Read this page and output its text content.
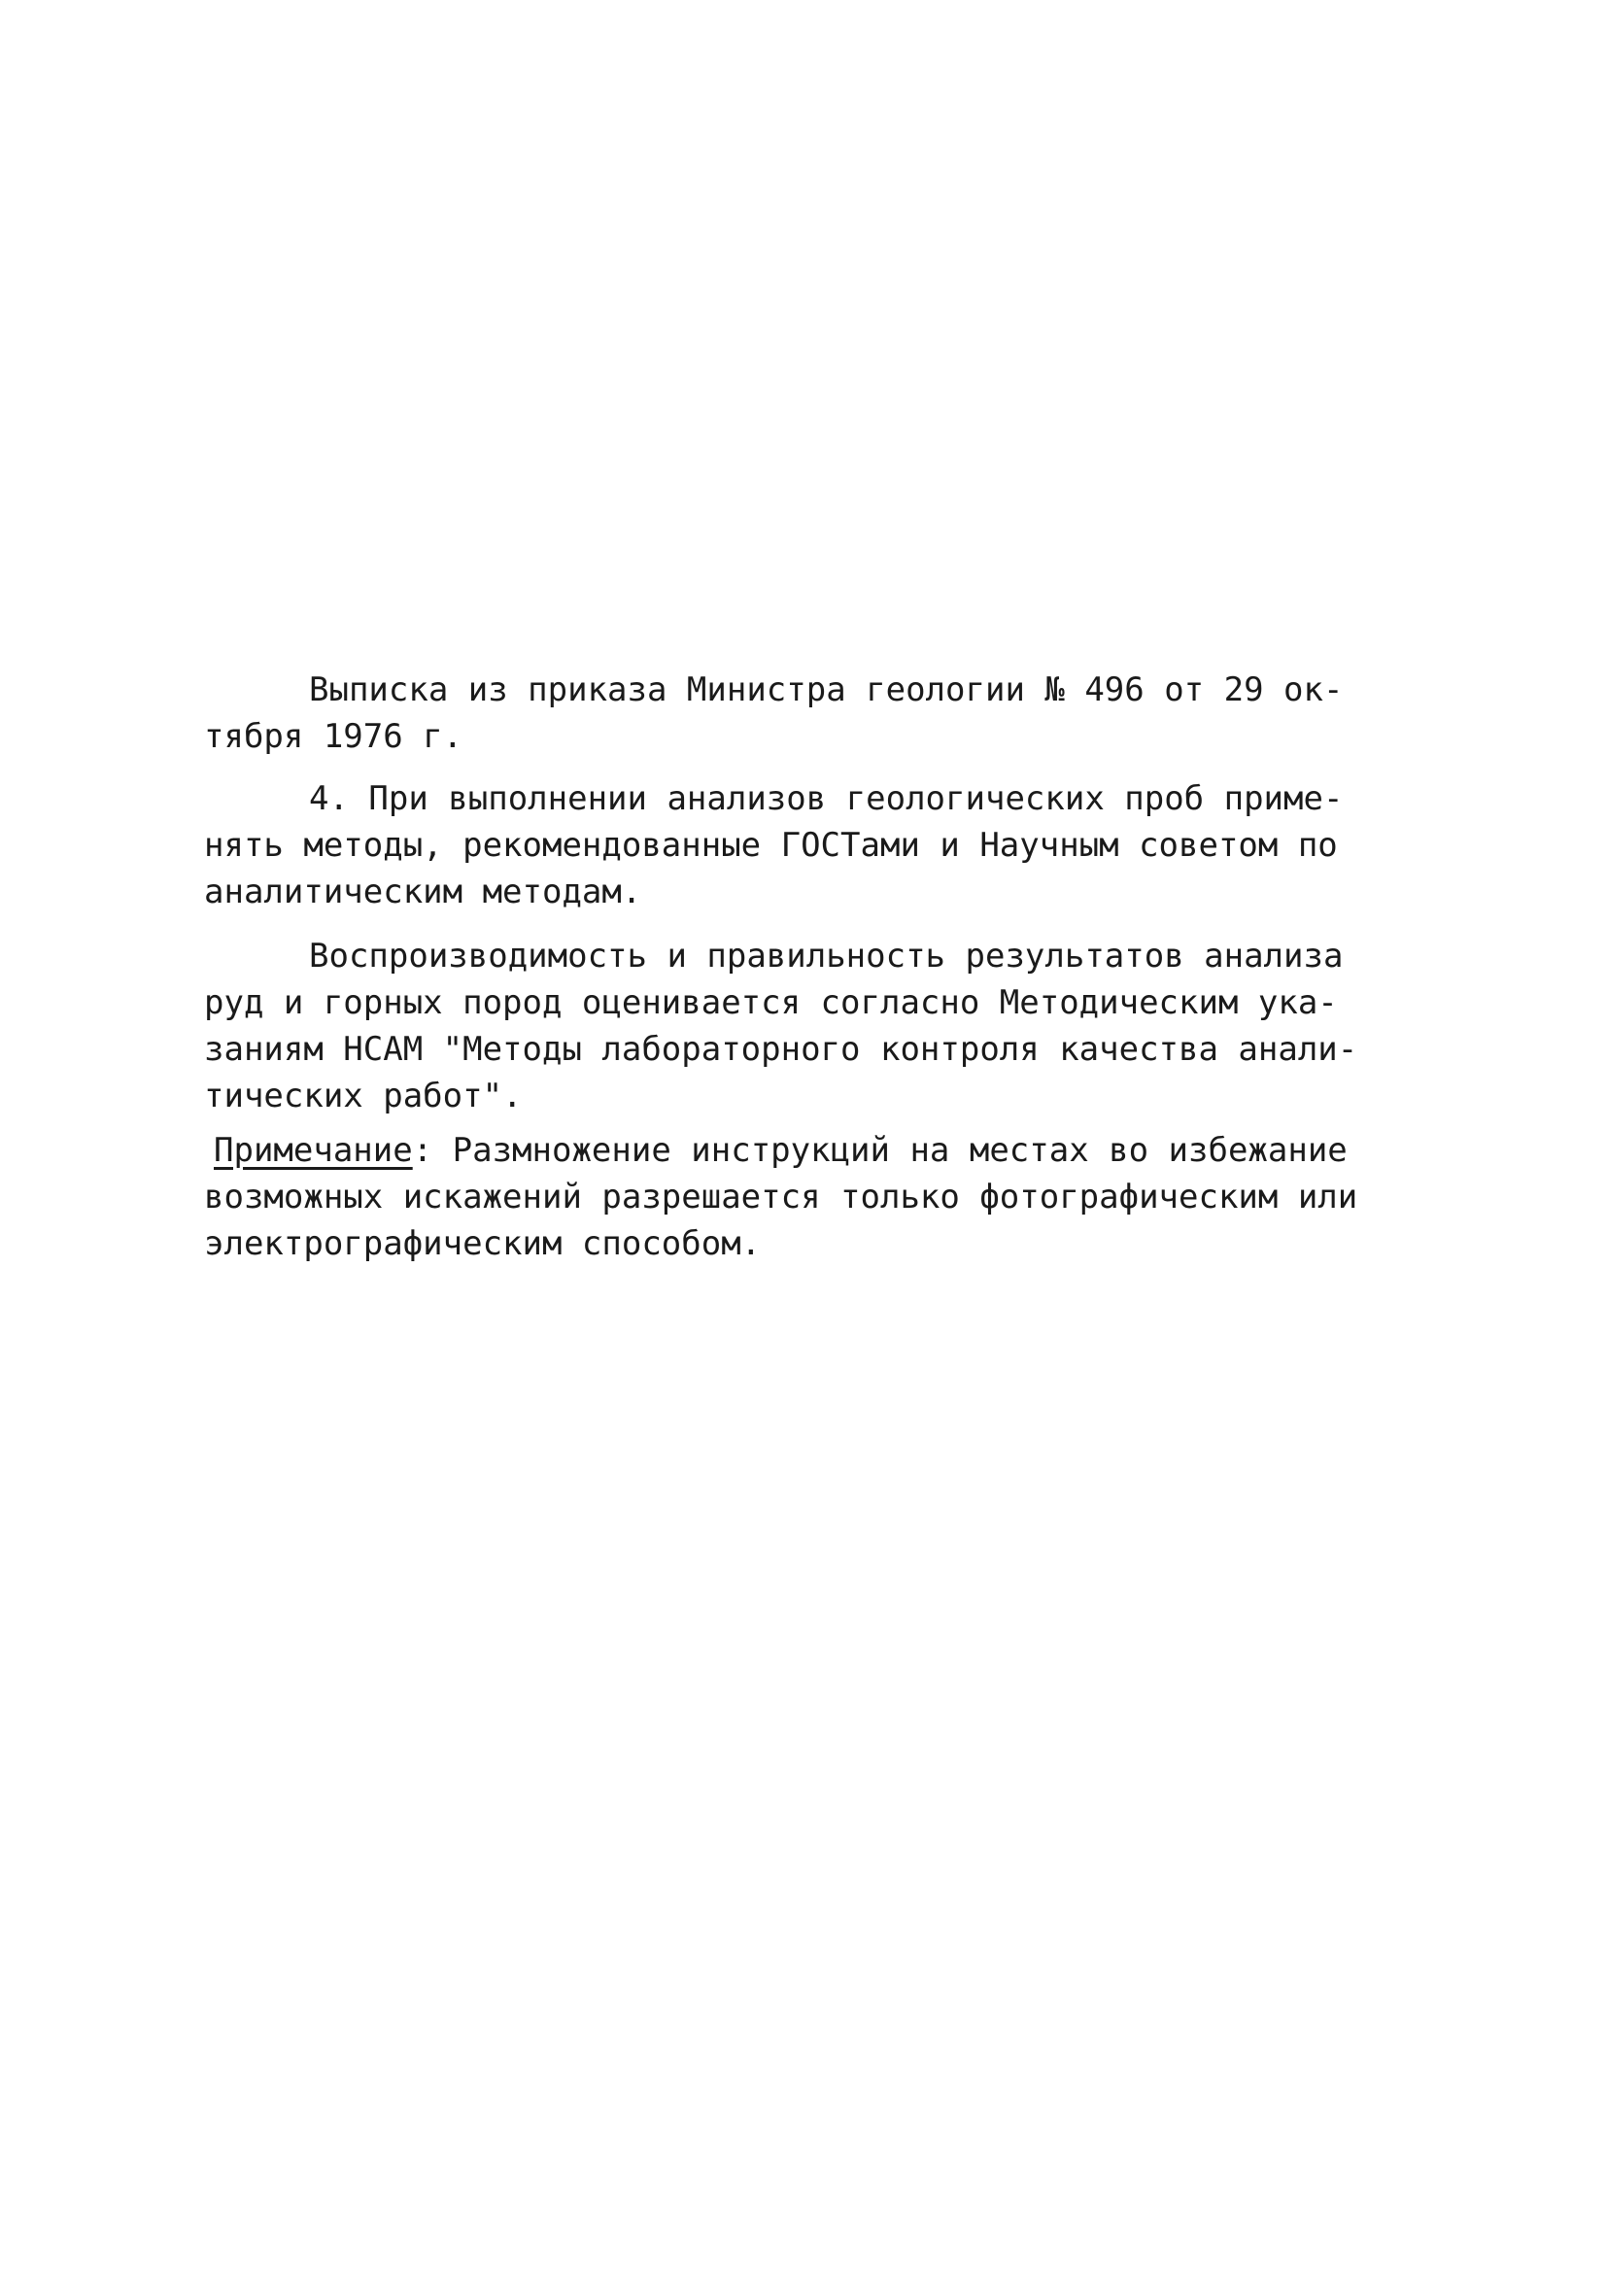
Выписка из приказа Министра геологии № 496 от 29 ок-
тября 1976 г.
4. При выполнении анализов геологических проб приме-
нять методы, рекомендованные ГОСТами и Научным советом по
аналитическим методам.
Воспроизводимость и правильность результатов анализа
руд и горных пород оценивается согласно Методическим ука-
заниям НСАМ "Методы лабораторного контроля качества анали-
тических работ".
Примечание: Размножение инструкций на местах во избежание
возможных искажений разрешается только фотографическим или
электрографическим способом.
